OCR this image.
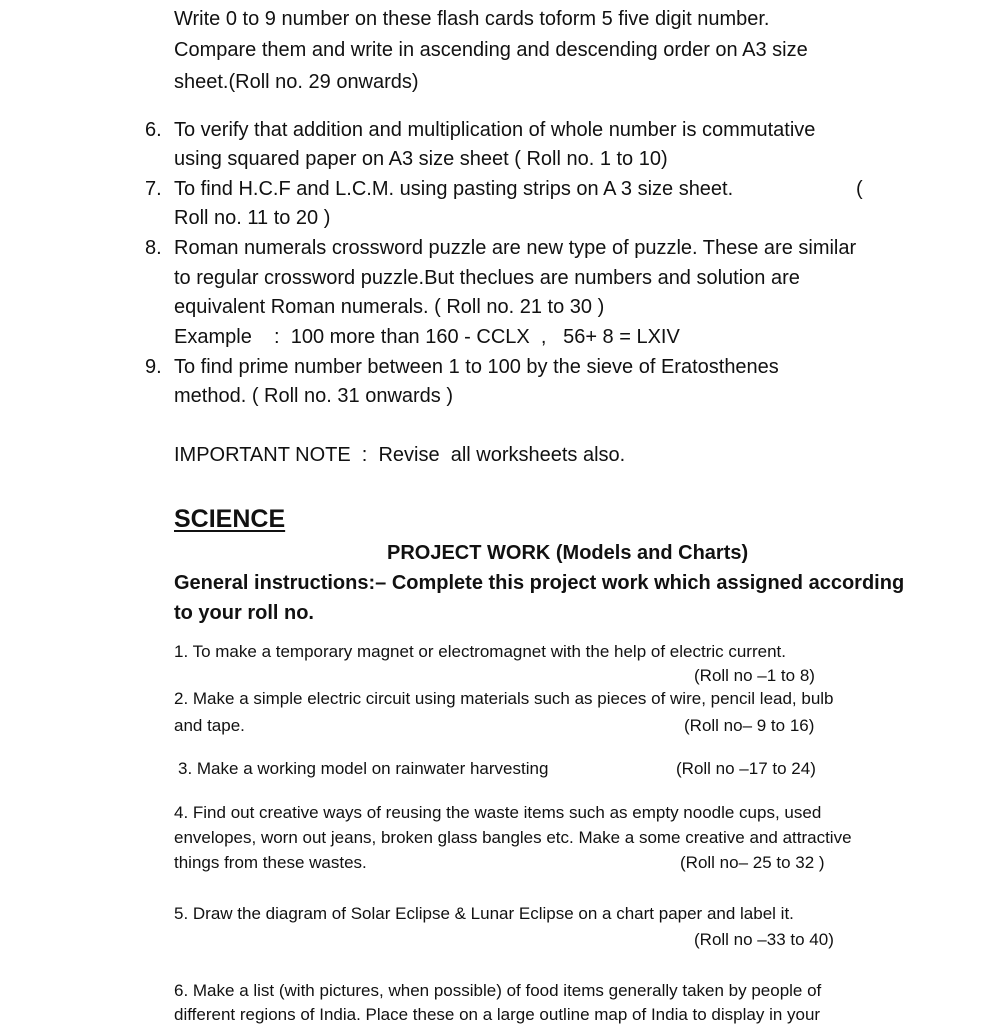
Write 0 to 9 number on these flash cards toform 5 five digit number.
Compare them and write in ascending and descending order on A3 size
sheet.(Roll no. 29 onwards)
6. To verify that addition and multiplication of whole number is commutative
using squared paper on A3 size sheet ( Roll no. 1 to 10)
7. To find H.C.F and L.C.M. using pasting strips on A 3 size sheet.	(
Roll no. 11 to 20 )
8. Roman numerals crossword puzzle are new type of puzzle. These are similar
to regular crossword puzzle.But theclues are numbers and solution are
equivalent Roman numerals. ( Roll no. 21 to 30 )
Example    :  100 more than 160 - CCLX  ,   56+ 8 = LXIV
9. To find prime number between 1 to 100 by the sieve of Eratosthenes
method. ( Roll no. 31 onwards )
IMPORTANT NOTE  :  Revise  all worksheets also.
SCIENCE
PROJECT WORK (Models and Charts)
General instructions:– Complete this project work which assigned according
to your roll no.
1. To make a temporary magnet or electromagnet with the help of electric current.
(Roll no –1 to 8)
2. Make a simple electric circuit using materials such as pieces of wire, pencil lead, bulb
and tape.	(Roll no– 9 to 16)
3. Make a working model on rainwater harvesting	(Roll no –17 to 24)
4. Find out creative ways of reusing the waste items such as empty noodle cups, used
envelopes, worn out jeans, broken glass bangles etc. Make a some creative and attractive
things from these wastes.	(Roll no– 25 to 32 )
5. Draw the diagram of Solar Eclipse & Lunar Eclipse on a chart paper and label it.
(Roll no –33 to 40)
6. Make a list (with pictures, when possible) of food items generally taken by people of
different regions of India. Place these on a large outline map of India to display in your
